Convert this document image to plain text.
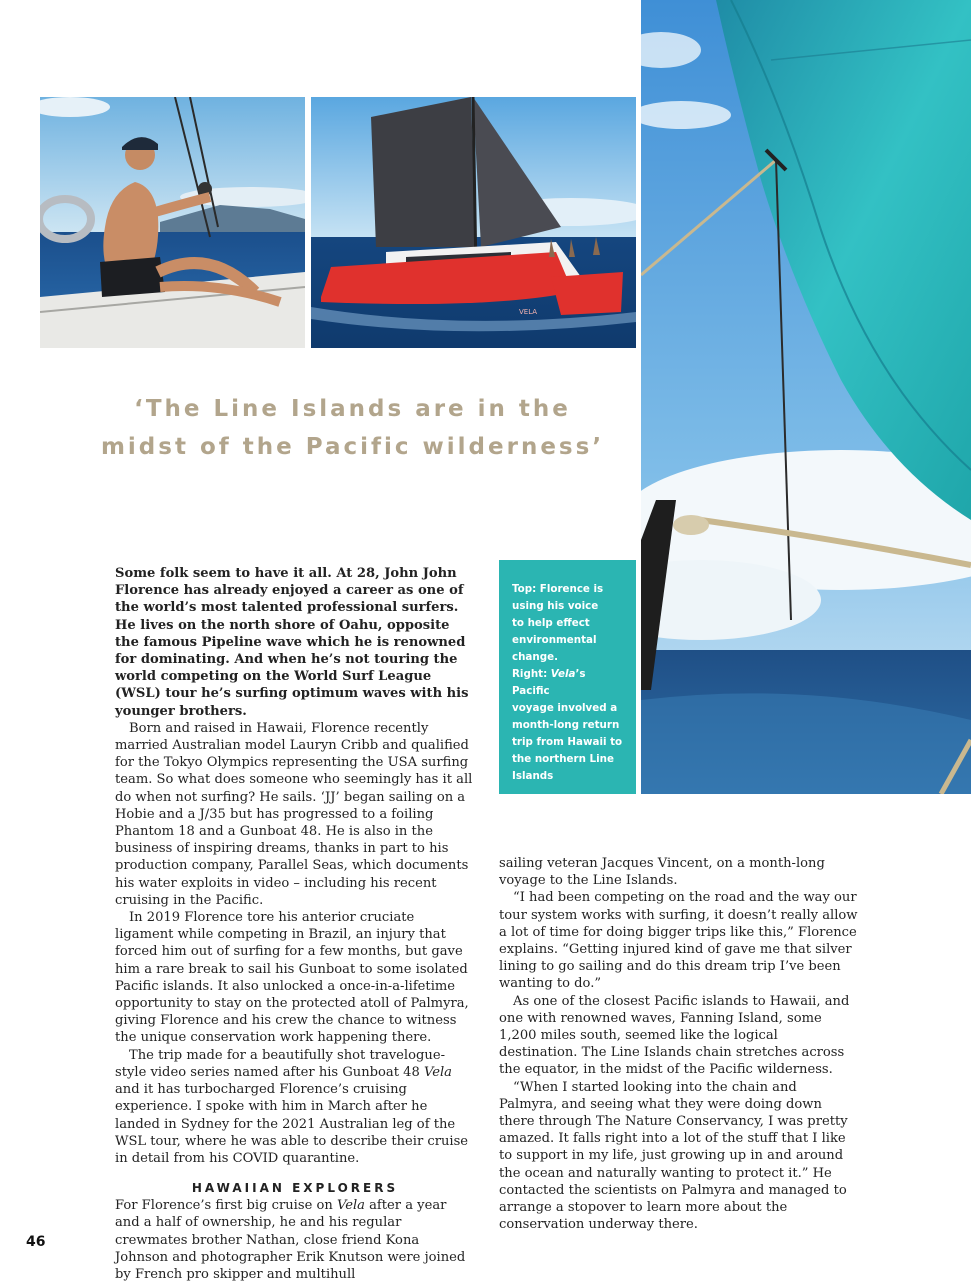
VELA
‘The Line Islands are in the midst of the Pacific wilderness’
Top: Florence is
using his voice
to help effect
environmental
change.
Right: Vela’s Pacific
voyage involved a
month-long return
trip from Hawaii to
the northern Line
Islands

Some folk seem to have it all. At 28, John John Florence has already enjoyed a career as one of the world’s most talented professional surfers. He lives on the north shore of Oahu, opposite the famous Pipeline wave which he is renowned for dominating. And when he’s not touring the world competing on the World Surf League (WSL) tour he’s surfing optimum waves with his younger brothers.

Born and raised in Hawaii, Florence recently married Australian model Lauryn Cribb and qualified for the Tokyo Olympics representing the USA surfing team. So what does someone who seemingly has it all do when not surfing? He sails. ‘JJ’ began sailing on a Hobie and a J/35 but has progressed to a foiling Phantom 18 and a Gunboat 48. He is also in the business of inspiring dreams, thanks in part to his production company, Parallel Seas, which documents his water exploits in video – including his recent cruising in the Pacific.

In 2019 Florence tore his anterior cruciate ligament while competing in Brazil, an injury that forced him out of surfing for a few months, but gave him a rare break to sail his Gunboat to some isolated Pacific islands. It also unlocked a once-in-a-lifetime opportunity to stay on the protected atoll of Palmyra, giving Florence and his crew the chance to witness the unique conservation work happening there.

The trip made for a beautifully shot travelogue-style video series named after his Gunboat 48 Vela and it has turbocharged Florence’s cruising experience. I spoke with him in March after he landed in Sydney for the 2021 Australian leg of the WSL tour, where he was able to describe their cruise in detail from his COVID quarantine.

HAWAIIAN EXPLORERS

For Florence’s first big cruise on Vela after a year and a half of ownership, he and his regular crewmates brother Nathan, close friend Kona Johnson and photographer Erik Knutson were joined by French pro skipper and multihull

sailing veteran Jacques Vincent, on a month-long voyage to the Line Islands.

“I had been competing on the road and the way our tour system works with surfing, it doesn’t really allow a lot of time for doing bigger trips like this,” Florence explains. “Getting injured kind of gave me that silver lining to go sailing and do this dream trip I’ve been wanting to do.”

As one of the closest Pacific islands to Hawaii, and one with renowned waves, Fanning Island, some 1,200 miles south, seemed like the logical destination. The Line Islands chain stretches across the equator, in the midst of the Pacific wilderness.

“When I started looking into the chain and Palmyra, and seeing what they were doing down there through The Nature Conservancy, I was pretty amazed. It falls right into a lot of the stuff that I like to support in my life, just growing up in and around the ocean and naturally wanting to protect it.” He contacted the scientists on Palmyra and managed to arrange a stopover to learn more about the conservation underway there.

46
